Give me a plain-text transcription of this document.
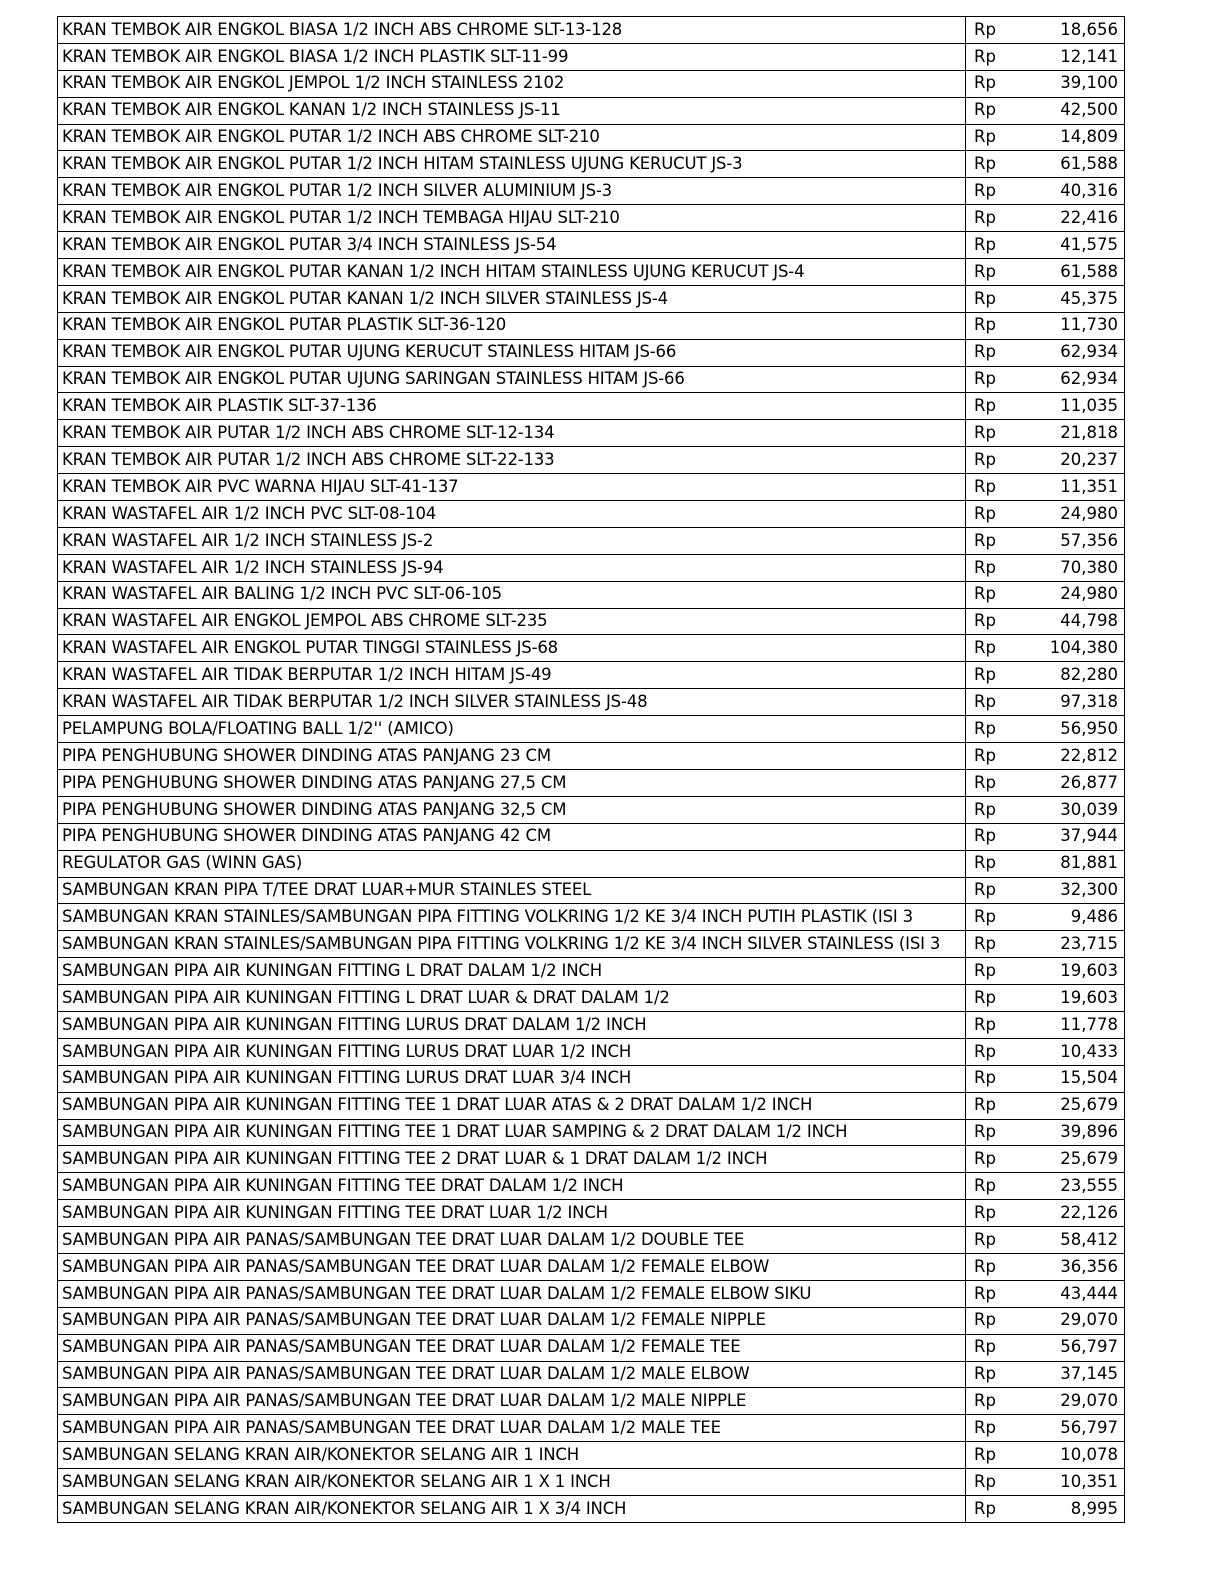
KRAN TEMBOK AIR ENGKOL BIASA 1/2 INCH ABS CHROME SLT-13-128	Rp	18,656
KRAN TEMBOK AIR ENGKOL BIASA 1/2 INCH PLASTIK SLT-11-99	Rp	12,141
KRAN TEMBOK AIR ENGKOL JEMPOL 1/2 INCH STAINLESS 2102	Rp	39,100
KRAN TEMBOK AIR ENGKOL KANAN 1/2 INCH STAINLESS JS-11	Rp	42,500
KRAN TEMBOK AIR ENGKOL PUTAR 1/2 INCH ABS CHROME SLT-210	Rp	14,809
KRAN TEMBOK AIR ENGKOL PUTAR 1/2 INCH HITAM STAINLESS UJUNG KERUCUT JS-3	Rp	61,588
KRAN TEMBOK AIR ENGKOL PUTAR 1/2 INCH SILVER ALUMINIUM JS-3	Rp	40,316
KRAN TEMBOK AIR ENGKOL PUTAR 1/2 INCH TEMBAGA HIJAU SLT-210	Rp	22,416
KRAN TEMBOK AIR ENGKOL PUTAR 3/4 INCH STAINLESS JS-54	Rp	41,575
KRAN TEMBOK AIR ENGKOL PUTAR KANAN 1/2 INCH HITAM STAINLESS UJUNG KERUCUT JS-4	Rp	61,588
KRAN TEMBOK AIR ENGKOL PUTAR KANAN 1/2 INCH SILVER STAINLESS JS-4	Rp	45,375
KRAN TEMBOK AIR ENGKOL PUTAR PLASTIK SLT-36-120	Rp	11,730
KRAN TEMBOK AIR ENGKOL PUTAR UJUNG KERUCUT STAINLESS HITAM JS-66	Rp	62,934
KRAN TEMBOK AIR ENGKOL PUTAR UJUNG SARINGAN STAINLESS HITAM JS-66	Rp	62,934
KRAN TEMBOK AIR PLASTIK SLT-37-136	Rp	11,035
KRAN TEMBOK AIR PUTAR 1/2 INCH ABS CHROME SLT-12-134	Rp	21,818
KRAN TEMBOK AIR PUTAR 1/2 INCH ABS CHROME SLT-22-133	Rp	20,237
KRAN TEMBOK AIR PVC WARNA HIJAU SLT-41-137	Rp	11,351
KRAN WASTAFEL AIR 1/2 INCH PVC SLT-08-104	Rp	24,980
KRAN WASTAFEL AIR 1/2 INCH STAINLESS JS-2	Rp	57,356
KRAN WASTAFEL AIR 1/2 INCH STAINLESS JS-94	Rp	70,380
KRAN WASTAFEL AIR BALING 1/2 INCH PVC SLT-06-105	Rp	24,980
KRAN WASTAFEL AIR ENGKOL JEMPOL ABS CHROME SLT-235	Rp	44,798
KRAN WASTAFEL AIR ENGKOL PUTAR TINGGI STAINLESS JS-68	Rp	104,380
KRAN WASTAFEL AIR TIDAK BERPUTAR 1/2 INCH HITAM JS-49	Rp	82,280
KRAN WASTAFEL AIR TIDAK BERPUTAR 1/2 INCH SILVER STAINLESS JS-48	Rp	97,318
PELAMPUNG BOLA/FLOATING BALL 1/2'' (AMICO)	Rp	56,950
PIPA PENGHUBUNG SHOWER DINDING ATAS PANJANG 23 CM	Rp	22,812
PIPA PENGHUBUNG SHOWER DINDING ATAS PANJANG 27,5 CM	Rp	26,877
PIPA PENGHUBUNG SHOWER DINDING ATAS PANJANG 32,5 CM	Rp	30,039
PIPA PENGHUBUNG SHOWER DINDING ATAS PANJANG 42 CM	Rp	37,944
REGULATOR GAS (WINN GAS)	Rp	81,881
SAMBUNGAN KRAN PIPA T/TEE DRAT LUAR+MUR STAINLES STEEL	Rp	32,300
SAMBUNGAN KRAN STAINLES/SAMBUNGAN PIPA FITTING VOLKRING 1/2 KE 3/4 INCH PUTIH PLASTIK (ISI 3	Rp	9,486
SAMBUNGAN KRAN STAINLES/SAMBUNGAN PIPA FITTING VOLKRING 1/2 KE 3/4 INCH SILVER STAINLESS (ISI 3	Rp	23,715
SAMBUNGAN PIPA AIR KUNINGAN FITTING L DRAT DALAM 1/2 INCH	Rp	19,603
SAMBUNGAN PIPA AIR KUNINGAN FITTING L DRAT LUAR & DRAT DALAM 1/2	Rp	19,603
SAMBUNGAN PIPA AIR KUNINGAN FITTING LURUS DRAT DALAM 1/2 INCH	Rp	11,778
SAMBUNGAN PIPA AIR KUNINGAN FITTING LURUS DRAT LUAR 1/2 INCH	Rp	10,433
SAMBUNGAN PIPA AIR KUNINGAN FITTING LURUS DRAT LUAR 3/4 INCH	Rp	15,504
SAMBUNGAN PIPA AIR KUNINGAN FITTING TEE 1 DRAT LUAR ATAS & 2 DRAT DALAM 1/2 INCH	Rp	25,679
SAMBUNGAN PIPA AIR KUNINGAN FITTING TEE 1 DRAT LUAR SAMPING & 2 DRAT DALAM 1/2 INCH	Rp	39,896
SAMBUNGAN PIPA AIR KUNINGAN FITTING TEE 2 DRAT LUAR & 1 DRAT DALAM 1/2 INCH	Rp	25,679
SAMBUNGAN PIPA AIR KUNINGAN FITTING TEE DRAT DALAM 1/2 INCH	Rp	23,555
SAMBUNGAN PIPA AIR KUNINGAN FITTING TEE DRAT LUAR 1/2 INCH	Rp	22,126
SAMBUNGAN PIPA AIR PANAS/SAMBUNGAN TEE DRAT LUAR DALAM 1/2 DOUBLE TEE	Rp	58,412
SAMBUNGAN PIPA AIR PANAS/SAMBUNGAN TEE DRAT LUAR DALAM 1/2 FEMALE ELBOW	Rp	36,356
SAMBUNGAN PIPA AIR PANAS/SAMBUNGAN TEE DRAT LUAR DALAM 1/2 FEMALE ELBOW SIKU	Rp	43,444
SAMBUNGAN PIPA AIR PANAS/SAMBUNGAN TEE DRAT LUAR DALAM 1/2 FEMALE NIPPLE	Rp	29,070
SAMBUNGAN PIPA AIR PANAS/SAMBUNGAN TEE DRAT LUAR DALAM 1/2 FEMALE TEE	Rp	56,797
SAMBUNGAN PIPA AIR PANAS/SAMBUNGAN TEE DRAT LUAR DALAM 1/2 MALE ELBOW	Rp	37,145
SAMBUNGAN PIPA AIR PANAS/SAMBUNGAN TEE DRAT LUAR DALAM 1/2 MALE NIPPLE	Rp	29,070
SAMBUNGAN PIPA AIR PANAS/SAMBUNGAN TEE DRAT LUAR DALAM 1/2 MALE TEE	Rp	56,797
SAMBUNGAN SELANG KRAN AIR/KONEKTOR SELANG AIR 1 INCH	Rp	10,078
SAMBUNGAN SELANG KRAN AIR/KONEKTOR SELANG AIR 1 X 1 INCH	Rp	10,351
SAMBUNGAN SELANG KRAN AIR/KONEKTOR SELANG AIR 1 X 3/4 INCH	Rp	8,995
